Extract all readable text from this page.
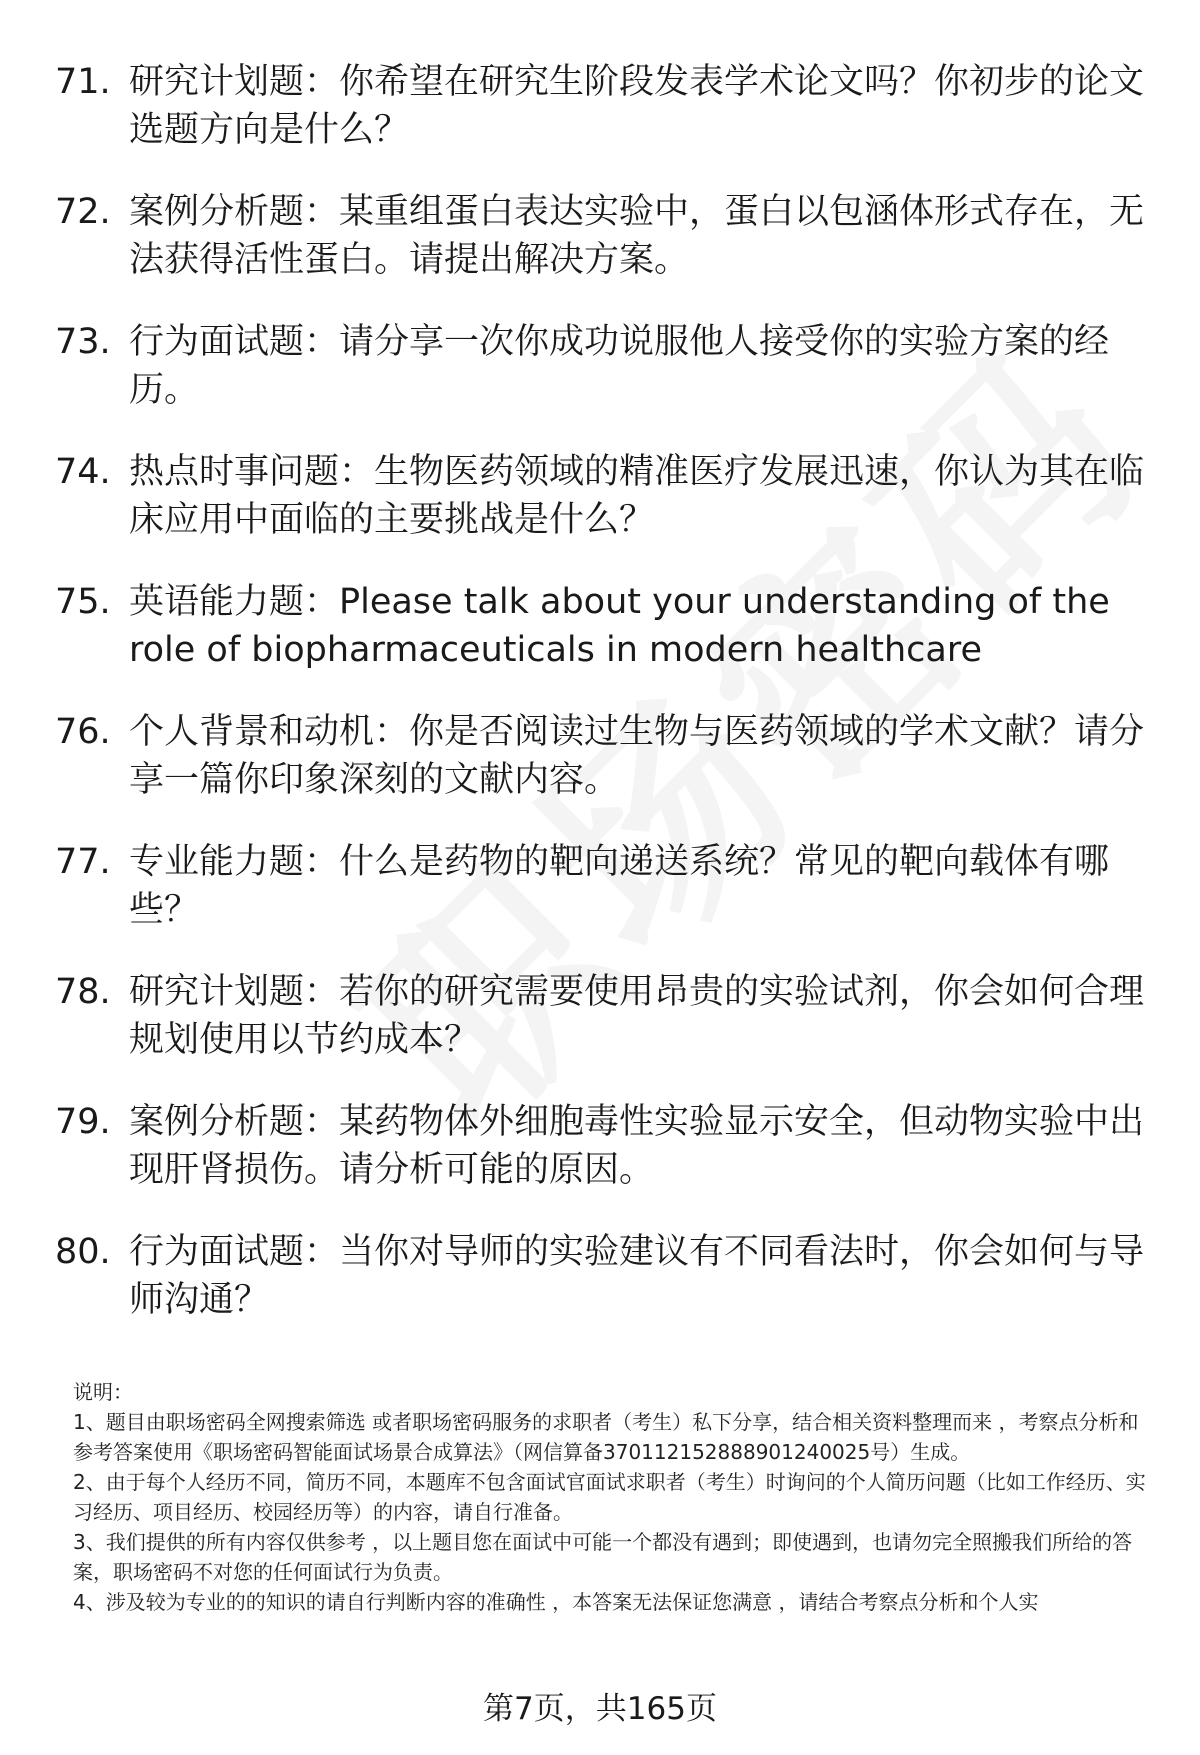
71. 研究计划题：你希望在研究生阶段发表学术论文吗？你初步的论文选题方向是什么？
72. 案例分析题：某重组蛋白表达实验中，蛋白以包涵体形式存在，无法获得活性蛋白。请提出解决方案。
73. 行为面试题：请分享一次你成功说服他人接受你的实验方案的经历。
74. 热点时事问题：生物医药领域的精准医疗发展迅速，你认为其在临床应用中面临的主要挑战是什么？
75. 英语能力题：Please talk about your understanding of the role of biopharmaceuticals in modern healthcare
76. 个人背景和动机：你是否阅读过生物与医药领域的学术文献？请分享一篇你印象深刻的文献内容。
77. 专业能力题：什么是药物的靶向递送系统？常见的靶向载体有哪些？
78. 研究计划题：若你的研究需要使用昂贵的实验试剂，你会如何合理规划使用以节约成本？
79. 案例分析题：某药物体外细胞毒性实验显示安全，但动物实验中出现肝肾损伤。请分析可能的原因。
80. 行为面试题：当你对导师的实验建议有不同看法时，你会如何与导师沟通？

说明：

1、题目由职场密码全网搜索筛选 或者职场密码服务的求职者（考生）私下分享，结合相关资料整理而来 ，考察点分析和参考答案使用《职场密码智能面试场景合成算法》（网信算备370112152888901240025号）生成。

2、由于每个人经历不同，简历不同，本题库不包含面试官面试求职者（考生）时询问的个人简历问题（比如工作经历、实习经历、项目经历、校园经历等）的内容，请自行准备。

3、我们提供的所有内容仅供参考 ，以上题目您在面试中可能一个都没有遇到；即使遇到，也请勿完全照搬我们所给的答案，职场密码不对您的任何面试行为负责。

4、涉及较为专业的的知识的请自行判断内容的准确性 ，本答案无法保证您满意 ，请结合考察点分析和个人实

第7页，共165页
